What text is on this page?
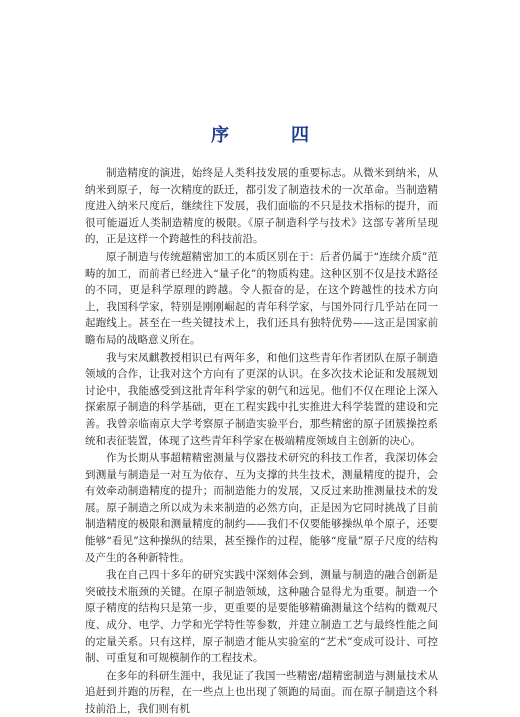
序　四

制造精度的演进，始终是人类科技发展的重要标志。从微米到纳米，从纳米到原子，每一次精度的跃迁，都引发了制造技术的一次革命。当制造精度进入纳米尺度后，继续往下发展，我们面临的不只是技术指标的提升，而很可能逼近人类制造精度的极限。《原子制造科学与技术》这部专著所呈现的，正是这样一个跨越性的科技前沿。

原子制造与传统超精密加工的本质区别在于：后者仍属于“连续介质”范畴的加工，而前者已经进入“量子化”的物质构建。这种区别不仅是技术路径的不同，更是科学原理的跨越。令人振奋的是，在这个跨越性的技术方向上，我国科学家，特别是刚刚崛起的青年科学家，与国外同行几乎站在同一起跑线上。甚至在一些关键技术上，我们还具有独特优势——这正是国家前瞻布局的战略意义所在。

我与宋凤麒教授相识已有两年多，和他们这些青年作者团队在原子制造领域的合作，让我对这个方向有了更深的认识。在多次技术论证和发展规划讨论中，我能感受到这批青年科学家的朝气和远见。他们不仅在理论上深入探索原子制造的科学基础，更在工程实践中扎实推进大科学装置的建设和完善。我曾亲临南京大学考察原子制造实验平台，那些精密的原子团簇操控系统和表征装置，体现了这些青年科学家在极端精度领域自主创新的决心。

作为长期从事超精精密测量与仪器技术研究的科技工作者，我深切体会到测量与制造是一对互为依存、互为支撑的共生技术，测量精度的提升，会有效牵动制造精度的提升；而制造能力的发展，又反过来助推测量技术的发展。原子制造之所以成为未来制造的必然方向，正是因为它同时挑战了目前制造精度的极限和测量精度的制约——我们不仅要能够操纵单个原子，还要能够“看见”这种操纵的结果，甚至操作的过程，能够“度量”原子尺度的结构及产生的各种新特性。

我在自己四十多年的研究实践中深刻体会到，测量与制造的融合创新是突破技术瓶颈的关键。在原子制造领域，这种融合显得尤为重要。制造一个原子精度的结构只是第一步，更重要的是要能够精确测量这个结构的微观尺度、成分、电学、力学和光学特性等参数，并建立制造工艺与最终性能之间的定量关系。只有这样，原子制造才能从实验室的“艺术”变成可设计、可控制、可重复和可规模制作的工程技术。

在多年的科研生涯中，我见证了我国一些精密/超精密制造与测量技术从追赶到并跑的历程，在一些点上也出现了领跑的局面。而在原子制造这个科技前沿上，我们则有机
